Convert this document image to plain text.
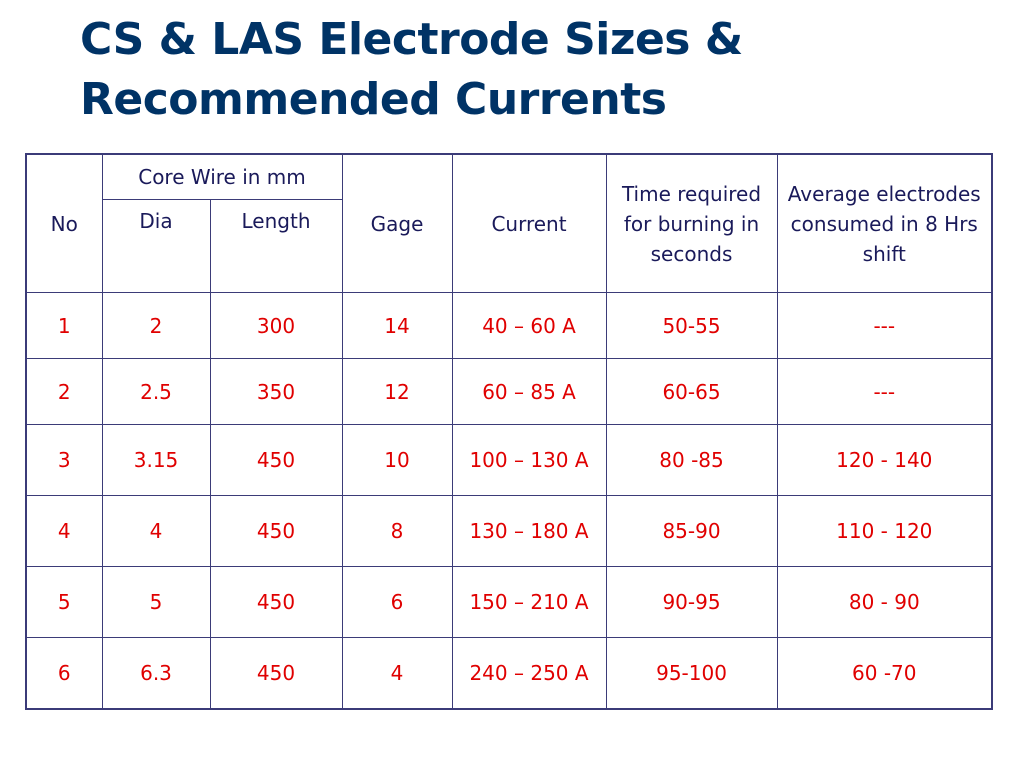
CS & LAS Electrode Sizes &
Recommended Currents
No	Core Wire in mm		Gage	Current	Time required for burning in seconds	Average electrodes consumed in 8 Hrs shift
	Dia	Length				
1	2	300	14	40 – 60 A	50-55	---
2	2.5	350	12	60 – 85 A	60-65	---
3	3.15	450	10	100 – 130 A	80 -85	120 - 140
4	4	450	8	130 – 180 A	85-90	110 - 120
5	5	450	6	150 – 210 A	90-95	80 - 90
6	6.3	450	4	240 – 250 A	95-100	60 -70
